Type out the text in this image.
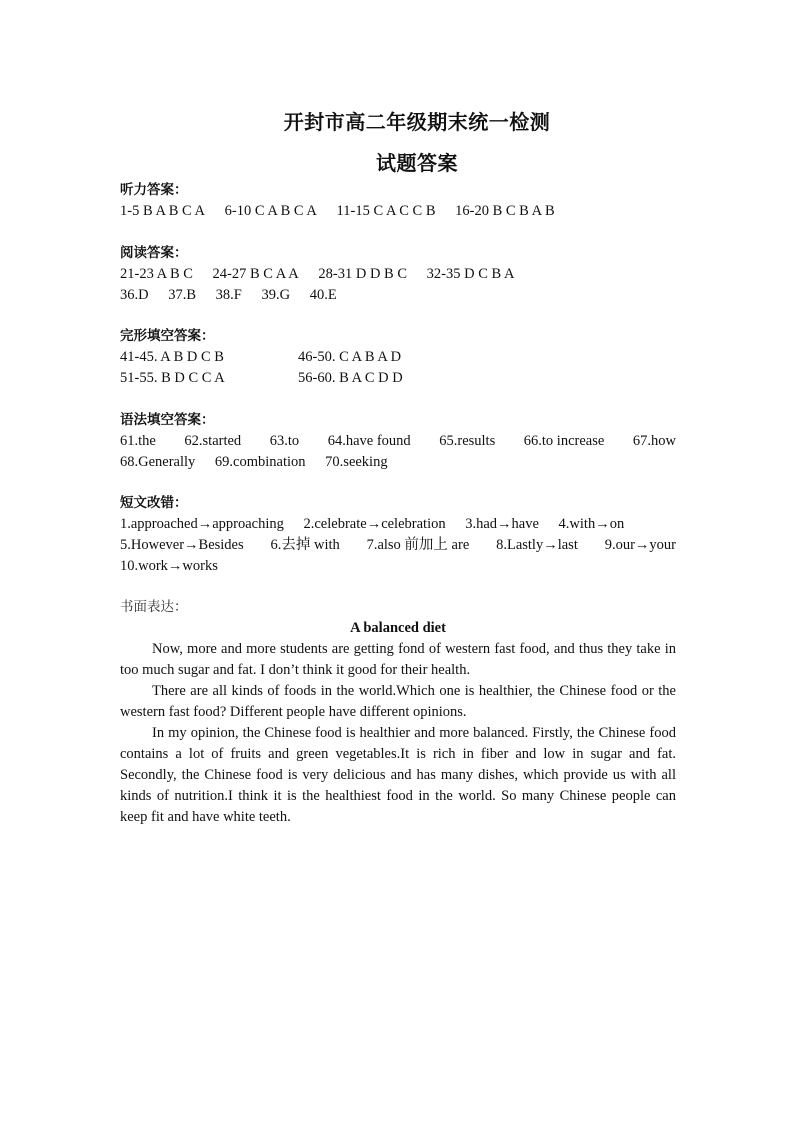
开封市高二年级期末统一检测
试题答案
听力答案：
1-5 B A B C A 6-10 C A B C A 11-15 C A C C B 16-20 B C B A B
阅读答案：
21-23 A B C 24-27 B C A A 28-31 D D B C 32-35 D C B A
36.D 37.B 38.F 39.G 40.E
完形填空答案：
41-45. A B D C B	46-50. C A B A D
51-55. B D C C A	56-60. B A C D D
语法填空答案：
61.the 62.started 63.to 64.have found 65.results 66.to increase 67.how
68.Generally 69.combination 70.seeking
短文改错：
1.approached→approaching 2.celebrate→celebration 3.had→have 4.with→on
5.However→Besides 6.去掉 with 7.also 前加上 are 8.Lastly→last 9.our→your
10.work→works
书面表达：
A balanced diet

Now, more and more students are getting fond of western fast food, and thus they take in too much sugar and fat. I don’t think it good for their health.

There are all kinds of foods in the world.Which one is healthier, the Chinese food or the western fast food? Different people have different opinions.

In my opinion, the Chinese food is healthier and more balanced. Firstly, the Chinese food contains a lot of fruits and green vegetables.It is rich in fiber and low in sugar and fat. Secondly, the Chinese food is very delicious and has many dishes, which provide us with all kinds of nutrition.I think it is the healthiest food in the world. So many Chinese people can keep fit and have white teeth.
